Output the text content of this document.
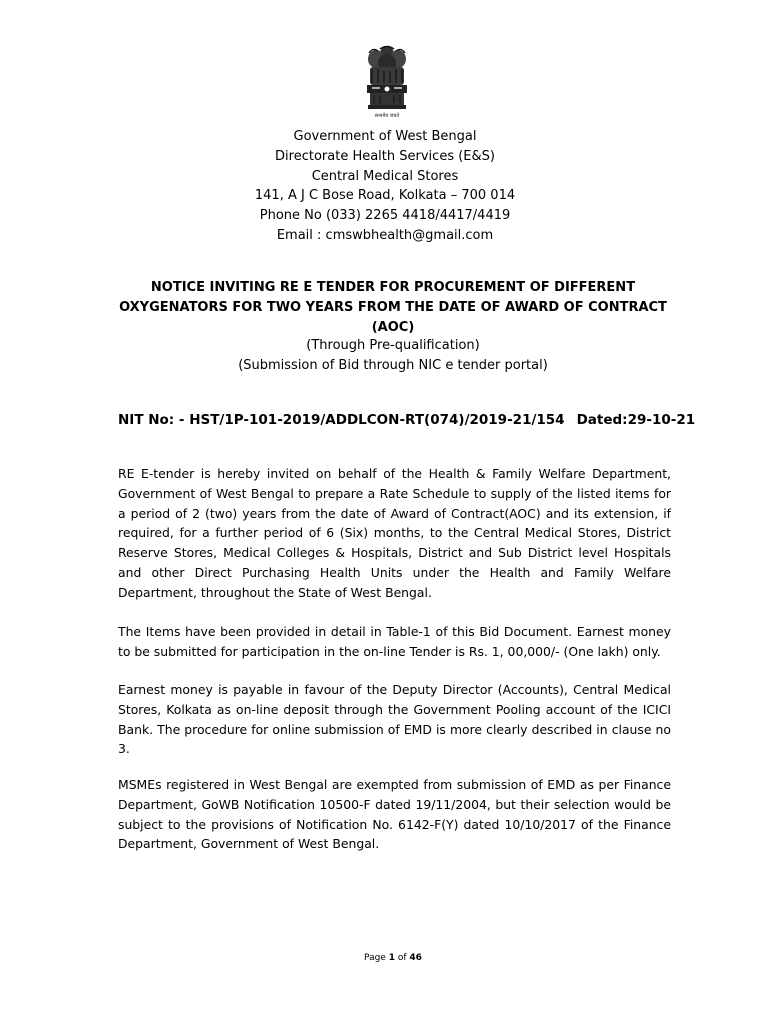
सत्यमेव जयते
Government of West Bengal
Directorate Health Services (E&S)
Central Medical Stores
141, A J C Bose Road, Kolkata – 700 014
Phone No (033) 2265 4418/4417/4419
Email : cmswbhealth@gmail.com
NOTICE INVITING RE E TENDER FOR PROCUREMENT OF DIFFERENT OXYGENATORS FOR TWO YEARS FROM THE DATE OF AWARD OF CONTRACT (AOC)
(Through Pre-qualification)
(Submission of Bid through NIC e tender portal)
NIT No: - HST/1P-101-2019/ADDLCON-RT(074)/2019-21/154 Dated:29-10-21
RE E-tender is hereby invited on behalf of the Health & Family Welfare Department, Government of West Bengal to prepare a Rate Schedule to supply of the listed items for a period of 2 (two) years from the date of Award of Contract(AOC) and its extension, if required, for a further period of 6 (Six) months, to the Central Medical Stores, District Reserve Stores, Medical Colleges & Hospitals, District and Sub District level Hospitals and other Direct Purchasing Health Units under the Health and Family Welfare Department, throughout the State of West Bengal.
The Items have been provided in detail in Table-1 of this Bid Document. Earnest money to be submitted for participation in the on-line Tender is Rs. 1, 00,000/- (One lakh) only.
Earnest money is payable in favour of the Deputy Director (Accounts), Central Medical Stores, Kolkata as on-line deposit through the Government Pooling account of the ICICI Bank. The procedure for online submission of EMD is more clearly described in clause no 3.
MSMEs registered in West Bengal are exempted from submission of EMD as per Finance Department, GoWB Notification 10500-F dated 19/11/2004, but their selection would be subject to the provisions of Notification No. 6142-F(Y) dated 10/10/2017 of the Finance Department, Government of West Bengal.
Page 1 of 46
